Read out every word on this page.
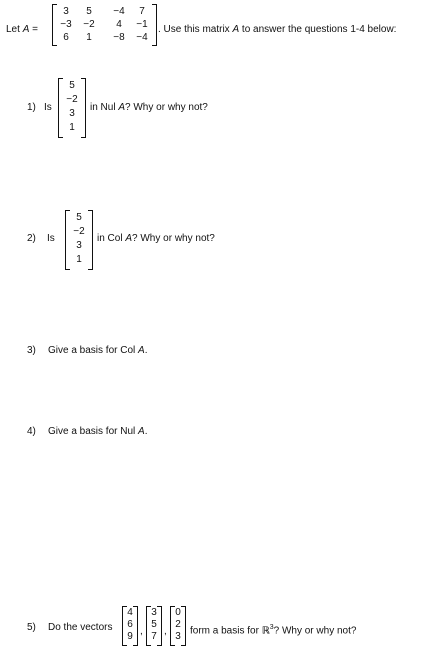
Let A =
3	5	−4	7
−3	−2	4	−1
6	1	−8	−4
. Use this matrix A to answer the questions 1-4 below:
1) Is
5
−2
3
1
in Nul A? Why or why not?
2) Is
5
−2
3
1
in Col A? Why or why not?
3) Give a basis for Col A.
4) Give a basis for Nul A.
5) Do the vectors
4
6
9 ,
3
5
7 ,
0
2
3
form a basis for ℝ$^3$? Why or why not?
